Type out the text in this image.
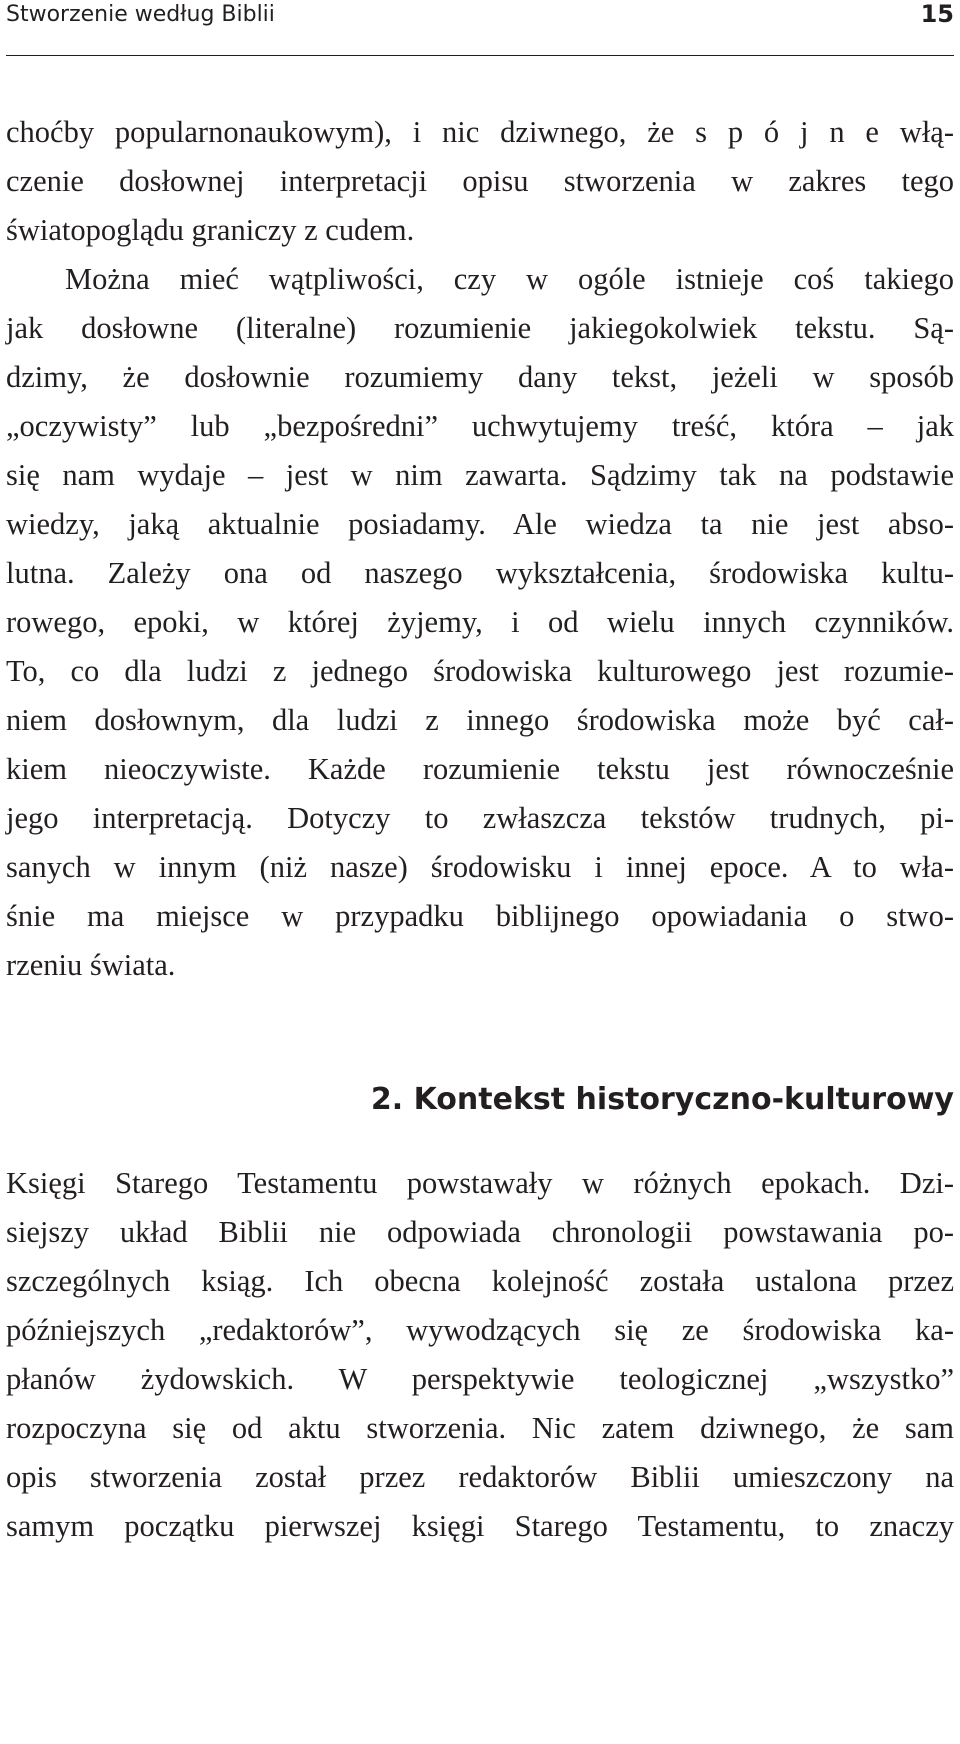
Stworzenie według Biblii	15
choćby popularnonaukowym), i nic dziwnego, że s p ó j n e włą-
czenie dosłownej interpretacji opisu stworzenia w zakres tego
światopoglądu graniczy z cudem.
Można mieć wątpliwości, czy w ogóle istnieje coś takiego
jak dosłowne (literalne) rozumienie jakiegokolwiek tekstu. Są-
dzimy, że dosłownie rozumiemy dany tekst, jeżeli w sposób
„oczywisty” lub „bezpośredni” uchwytujemy treść, która – jak
się nam wydaje – jest w nim zawarta. Sądzimy tak na podstawie
wiedzy, jaką aktualnie posiadamy. Ale wiedza ta nie jest abso-
lutna. Zależy ona od naszego wykształcenia, środowiska kultu-
rowego, epoki, w której żyjemy, i od wielu innych czynników.
To, co dla ludzi z jednego środowiska kulturowego jest rozumie-
niem dosłownym, dla ludzi z innego środowiska może być cał-
kiem nieoczywiste. Każde rozumienie tekstu jest równocześnie
jego interpretacją. Dotyczy to zwłaszcza tekstów trudnych, pi-
sanych w innym (niż nasze) środowisku i innej epoce. A to wła-
śnie ma miejsce w przypadku biblijnego opowiadania o stwo-
rzeniu świata.
2. Kontekst historyczno-kulturowy
Księgi Starego Testamentu powstawały w różnych epokach. Dzi-
siejszy układ Biblii nie odpowiada chronologii powstawania po-
szczególnych ksiąg. Ich obecna kolejność została ustalona przez
późniejszych „redaktorów”, wywodzących się ze środowiska ka-
płanów żydowskich. W perspektywie teologicznej „wszystko”
rozpoczyna się od aktu stworzenia. Nic zatem dziwnego, że sam
opis stworzenia został przez redaktorów Biblii umieszczony na
samym początku pierwszej księgi Starego Testamentu, to znaczy
